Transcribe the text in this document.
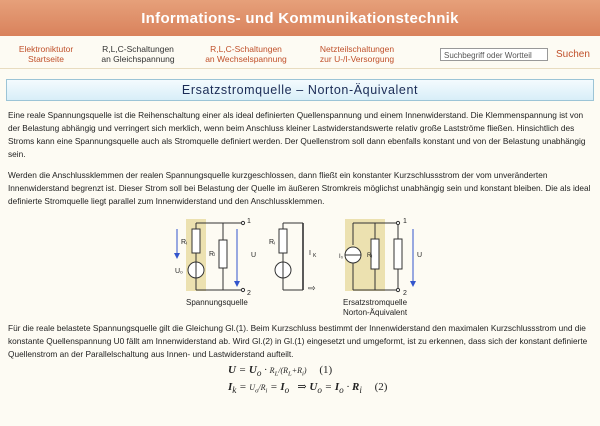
Informations- und Kommunikationstechnik
Elektroniktutor
Startseite
R,L,C-Schaltungen
an Gleichspannung
R,L,C-Schaltungen
an Wechselspannung
Netzteilschaltungen
zur U-/I-Versorgung	Suchbegriff oder Wortteil	Suchen
Ersatzstromquelle – Norton-Äquivalent

Eine reale Spannungsquelle ist die Reihenschaltung einer als ideal definierten Quellenspannung und einem Innenwiderstand. Die Klemmenspannung ist von der Belastung abhängig und verringert sich merklich, wenn beim Anschluss kleiner Lastwiderstandswerte relativ große Lastströme fließen. Hinsichtlich des Stroms kann eine Spannungsquelle auch als Stromquelle definiert werden. Der Quellenstrom soll dann ebenfalls konstant und von der Belastung unabhängig sein.

Werden die Anschlussklemmen der realen Spannungsquelle kurzgeschlossen, dann fließt ein konstanter Kurzschlussstrom der vom unveränderten Innenwiderstand begrenzt ist. Dieser Strom soll bei Belastung der Quelle im äußeren Stromkreis möglichst unabhängig sein und konstant bleiben. Die als ideal definierte Stromquelle liegt parallel zum Innenwiderstand und den Anschlussklemmen.

Rᵢ
U₀
Rₗ
1
2
U
Rᵢ
I K
⇨
Rᵢ
I₀
1
2
U
Spannungsquelle	Ersatzstromquelle
Norton-Äquivalent

Für die reale belastete Spannungsquelle gilt die Gleichung Gl.(1). Beim Kurzschluss bestimmt der Innenwiderstand den maximalen Kurzschlussstrom und die konstante Quellenspannung U0 fällt am Innenwiderstand ab. Wird Gl.(2) in Gl.(1) eingesetzt und umgeformt, ist zu erkennen, dass sich der konstant definierte Quellenstrom an der Parallelschaltung aus Innen- und Lastwiderstand aufteilt.

$U = U_o \cdot R_L/(R_L+R_i)$ (1)
$I_k = U_o/R_i = I_o$   ⇒ $U_o = I_o \cdot R_i$ (2)
